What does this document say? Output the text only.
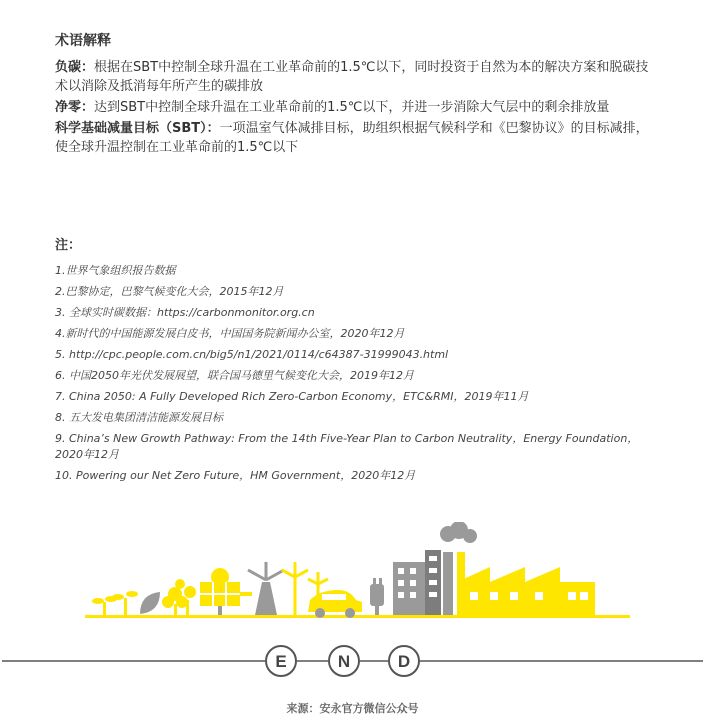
术语解释
负碳：根据在SBT中控制全球升温在工业革命前的1.5℃以下，同时投资于自然为本的解决方案和脱碳技术以消除及抵消每年所产生的碳排放
净零：达到SBT中控制全球升温在工业革命前的1.5℃以下，并进一步消除大气层中的剩余排放量
科学基础减量目标（SBT）：一项温室气体减排目标，助组织根据气候科学和《巴黎协议》的目标减排，使全球升温控制在工业革命前的1.5℃以下
注：
1.世界气象组织报告数据
2.巴黎协定，巴黎气候变化大会，2015年12月
3. 全球实时碳数据：https://carbonmonitor.org.cn
4.新时代的中国能源发展白皮书，中国国务院新闻办公室，2020年12月
5. http://cpc.people.com.cn/big5/n1/2021/0114/c64387-31999043.html
6. 中国2050年光伏发展展望，联合国马德里气候变化大会，2019年12月
7. China 2050: A Fully Developed Rich Zero-Carbon Economy，ETC&RMI，2019年11月
8. 五大发电集团清洁能源发展目标
9. China’s New Growth Pathway: From the 14th Five-Year Plan to Carbon Neutrality，Energy Foundation，2020年12月
10. Powering our Net Zero Future，HM Government，2020年12月
E	N	D
来源：安永官方微信公众号
